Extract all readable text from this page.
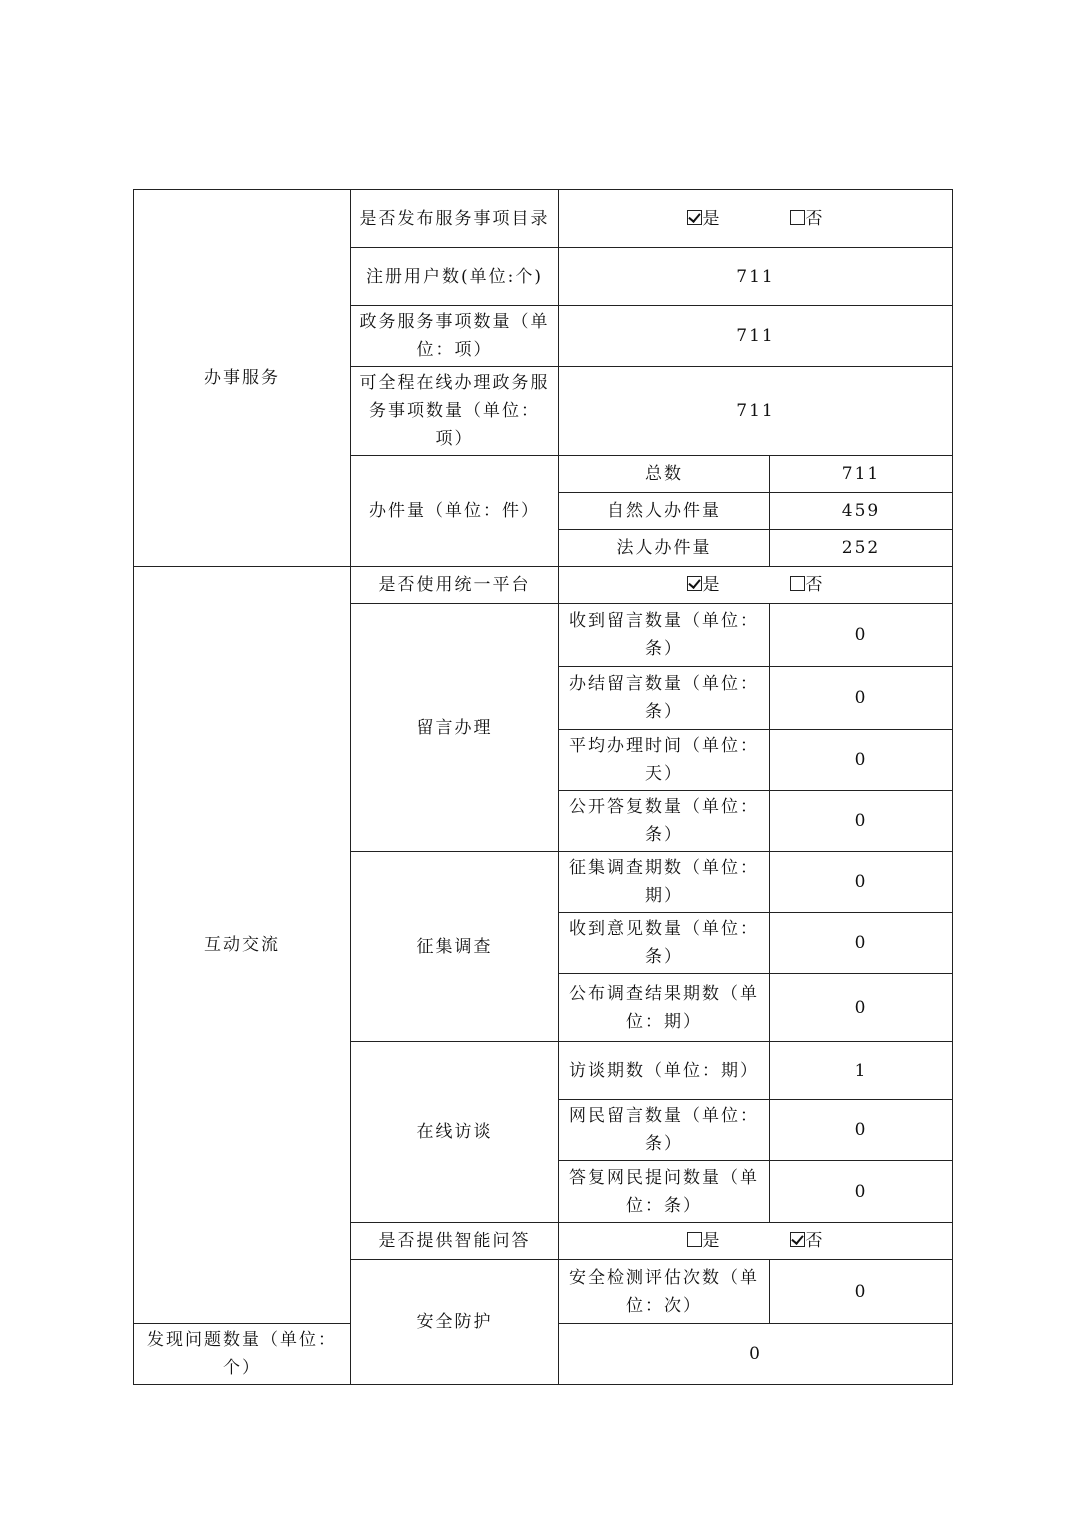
办事服务	是否发布服务事项目录	是 否	
	注册用户数(单位:个)	711	
	政务服务事项数量（单位：项）	711	
	可全程在线办理政务服务事项数量（单位：项）	711	
	办件量（单位：件）	总数	711
		自然人办件量	459
		法人办件量	252
互动交流	是否使用统一平台	是 否	
	留言办理	收到留言数量（单位：条）	0
		办结留言数量（单位：条）	0
		平均办理时间（单位：天）	0
		公开答复数量（单位：条）	0
	征集调查	征集调查期数（单位：期）	0
		收到意见数量（单位：条）	0
		公布调查结果期数（单位：期）	0
	在线访谈	访谈期数（单位：期）	1
		网民留言数量（单位：条）	0
		答复网民提问数量（单位：条）	0
	是否提供智能问答	是 否	
	安全防护	安全检测评估次数（单位：次）	0
发现问题数量（单位：个）		0	
